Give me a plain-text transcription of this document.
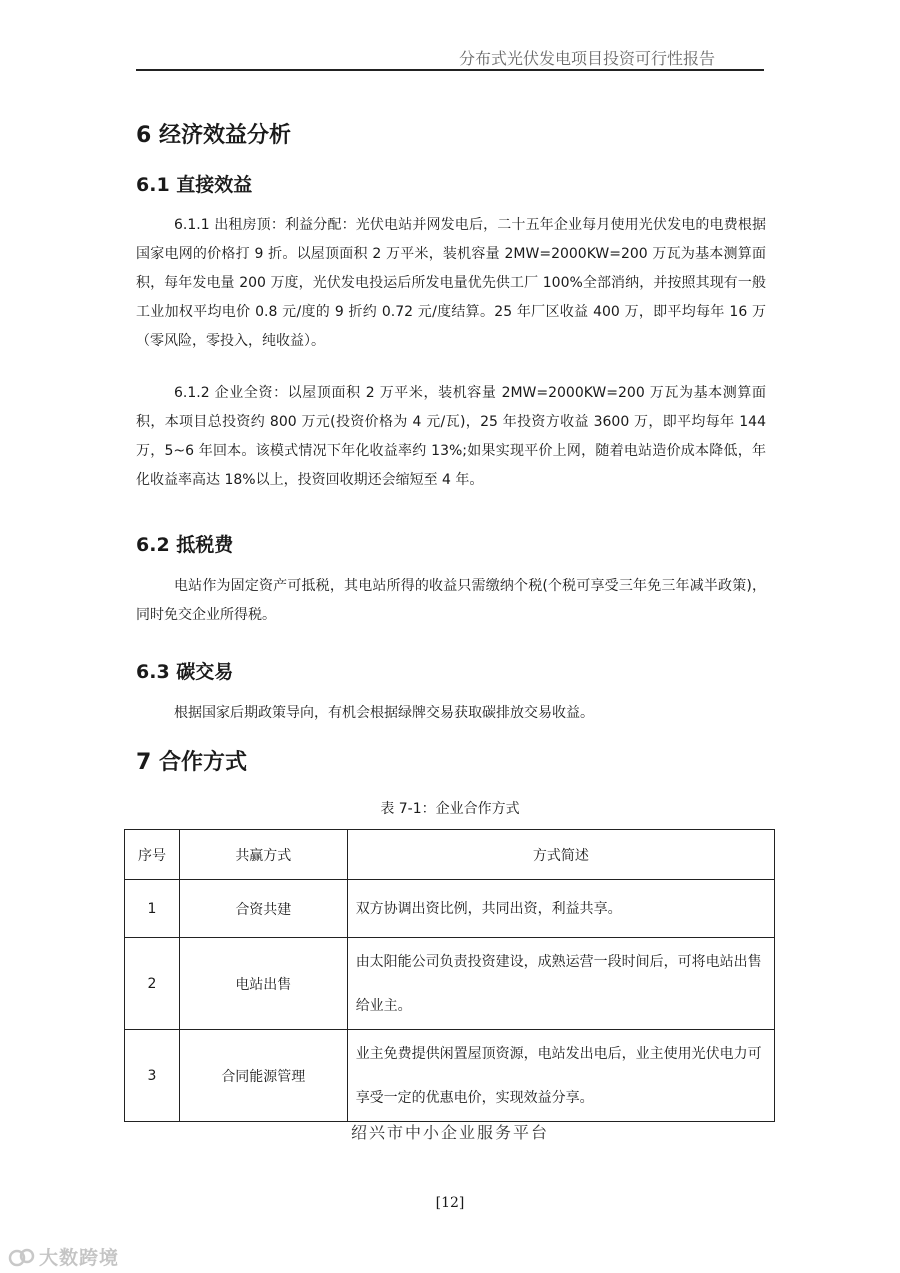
分布式光伏发电项目投资可行性报告
6 经济效益分析
6.1 直接效益

6.1.1 出租房顶：利益分配：光伏电站并网发电后，二十五年企业每月使用光伏发电的电费根据国家电网的价格打 9 折。以屋顶面积 2 万平米，装机容量 2MW=2000KW=200 万瓦为基本测算面积，每年发电量 200 万度，光伏发电投运后所发电量优先供工厂 100%全部消纳，并按照其现有一般工业加权平均电价 0.8 元/度的 9 折约 0.72 元/度结算。25 年厂区收益 400 万，即平均每年 16 万（零风险，零投入，纯收益）。

6.1.2 企业全资：以屋顶面积 2 万平米，装机容量 2MW=2000KW=200 万瓦为基本测算面积，本项目总投资约 800 万元(投资价格为 4 元/瓦)，25 年投资方收益 3600 万，即平均每年 144 万，5~6 年回本。该模式情况下年化收益率约 13%;如果实现平价上网，随着电站造价成本降低，年化收益率高达 18%以上，投资回收期还会缩短至 4 年。

6.2 抵税费

电站作为固定资产可抵税，其电站所得的收益只需缴纳个税(个税可享受三年免三年减半政策)， 同时免交企业所得税。

6.3 碳交易

根据国家后期政策导向，有机会根据绿牌交易获取碳排放交易收益。

7 合作方式
表 7-1：企业合作方式
序号	共赢方式	方式简述
1	合资共建	双方协调出资比例，共同出资，利益共享。
2	电站出售	由太阳能公司负责投资建设，成熟运营一段时间后，可将电站出售给业主。
3	合同能源管理	业主免费提供闲置屋顶资源，电站发出电后，业主使用光伏电力可享受一定的优惠电价，实现效益分享。
绍兴市中小企业服务平台
[12]
大数跨境
